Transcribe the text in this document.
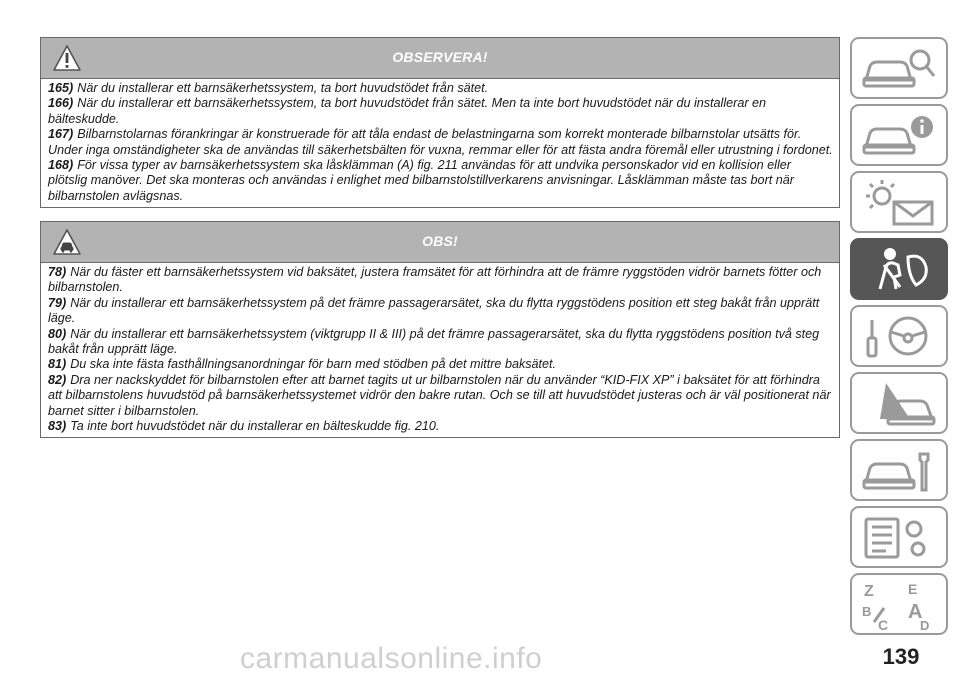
OBSERVERA!

165) När du installerar ett barnsäkerhetssystem, ta bort huvudstödet från sätet.

166) När du installerar ett barnsäkerhetssystem, ta bort huvudstödet från sätet. Men ta inte bort huvudstödet när du installerar en bälteskudde.

167) Bilbarnstolarnas förankringar är konstruerade för att tåla endast de belastningarna som korrekt monterade bilbarnstolar utsätts för. Under inga omständigheter ska de användas till säkerhetsbälten för vuxna, remmar eller för att fästa andra föremål eller utrustning i fordonet.

168) För vissa typer av barnsäkerhetssystem ska låsklämman (A) fig. 211 användas för att undvika personskador vid en kollision eller plötslig manöver. Det ska monteras och användas i enlighet med bilbarnstolstillverkarens anvisningar. Låsklämman måste tas bort när bilbarnstolen avlägsnas.

OBS!

78) När du fäster ett barnsäkerhetssystem vid baksätet, justera framsätet för att förhindra att de främre ryggstöden vidrör barnets fötter och bilbarnstolen.

79) När du installerar ett barnsäkerhetssystem på det främre passagerarsätet, ska du flytta ryggstödens position ett steg bakåt från upprätt läge.

80) När du installerar ett barnsäkerhetssystem (viktgrupp II & III) på det främre passagerarsätet, ska du flytta ryggstödens position två steg bakåt från upprätt läge.

81) Du ska inte fästa fasthållningsanordningar för barn med stödben på det mittre baksätet.

82) Dra ner nackskyddet för bilbarnstolen efter att barnet tagits ut ur bilbarnstolen när du använder “KID-FIX XP” i baksätet för att förhindra att bilbarnstolens huvudstöd på barnsäkerhetssystemet vidrör den bakre rutan. Och se till att huvudstödet justeras och är väl positionerat när barnet sitter i bilbarnstolen.

83) Ta inte bort huvudstödet när du installerar en bälteskudde fig. 210.

Z E
B A
C D
carmanualsonline.info	139
